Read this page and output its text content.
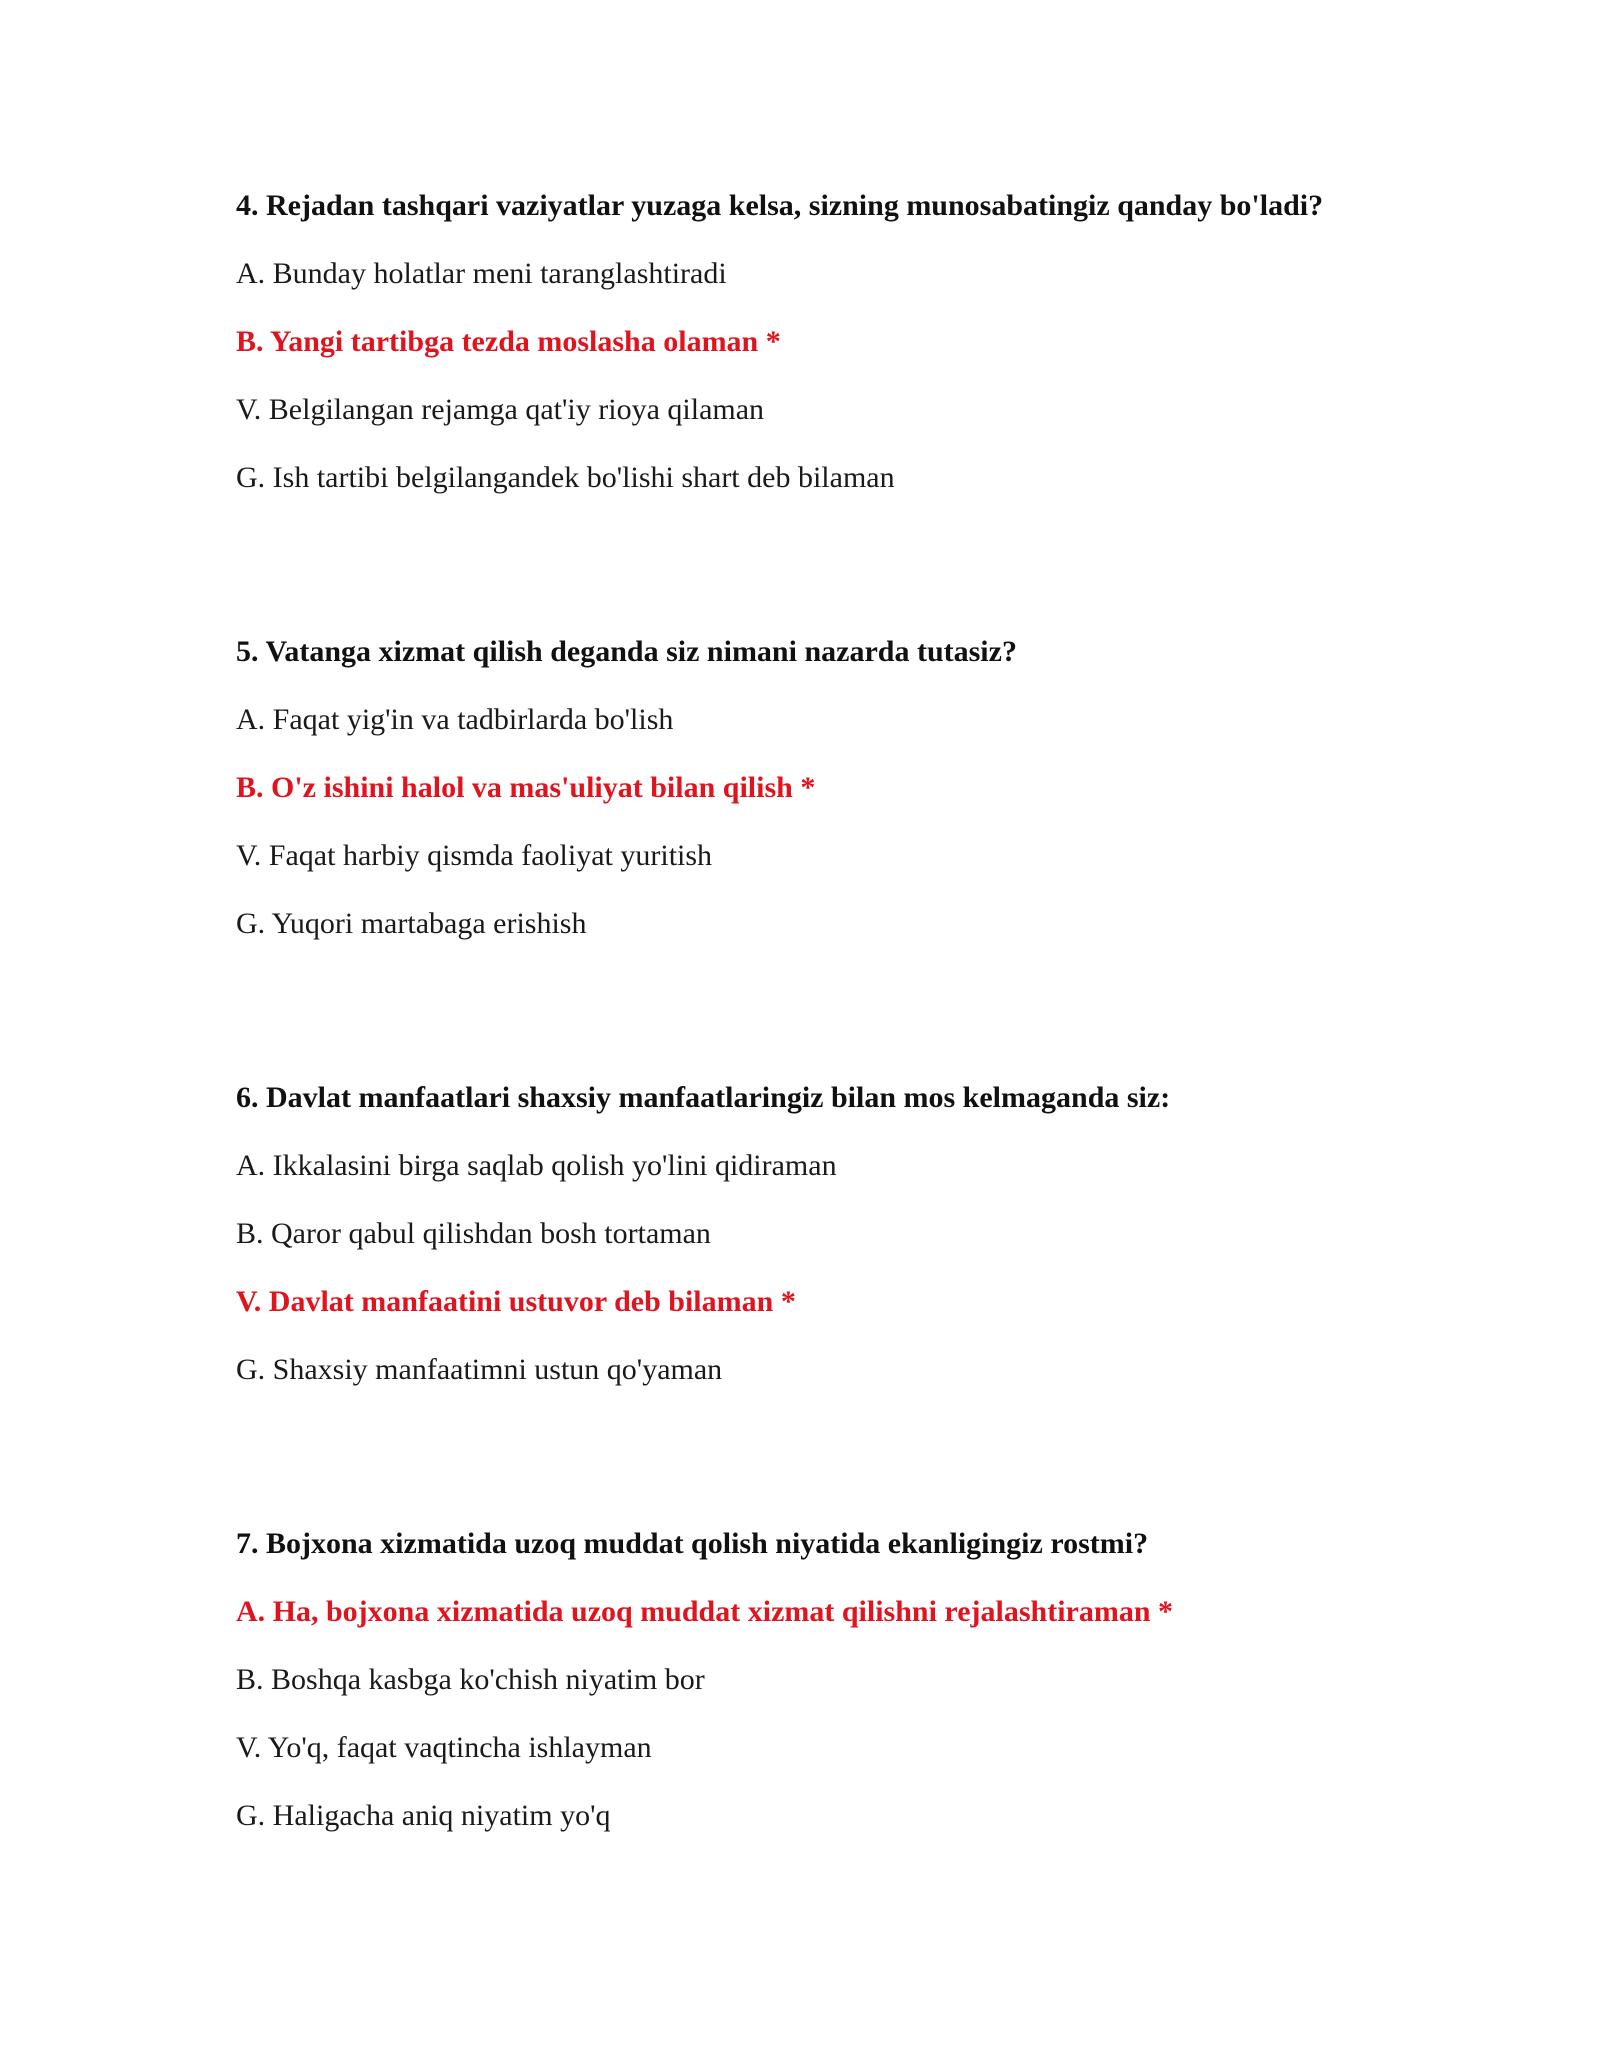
4. Rejadan tashqari vaziyatlar yuzaga kelsa, sizning munosabatingiz qanday bo'ladi?
A. Bunday holatlar meni taranglashtiradi
B. Yangi tartibga tezda moslasha olaman *
V. Belgilangan rejamga qat'iy rioya qilaman
G. Ish tartibi belgilangandek bo'lishi shart deb bilaman
5. Vatanga xizmat qilish deganda siz nimani nazarda tutasiz?
A. Faqat yig'in va tadbirlarda bo'lish
B. O'z ishini halol va mas'uliyat bilan qilish *
V. Faqat harbiy qismda faoliyat yuritish
G. Yuqori martabaga erishish
6. Davlat manfaatlari shaxsiy manfaatlaringiz bilan mos kelmaganda siz:
A. Ikkalasini birga saqlab qolish yo'lini qidiraman
B. Qaror qabul qilishdan bosh tortaman
V. Davlat manfaatini ustuvor deb bilaman *
G. Shaxsiy manfaatimni ustun qo'yaman
7. Bojxona xizmatida uzoq muddat qolish niyatida ekanligingiz rostmi?
A. Ha, bojxona xizmatida uzoq muddat xizmat qilishni rejalashtiraman *
B. Boshqa kasbga ko'chish niyatim bor
V. Yo'q, faqat vaqtincha ishlayman
G. Haligacha aniq niyatim yo'q
